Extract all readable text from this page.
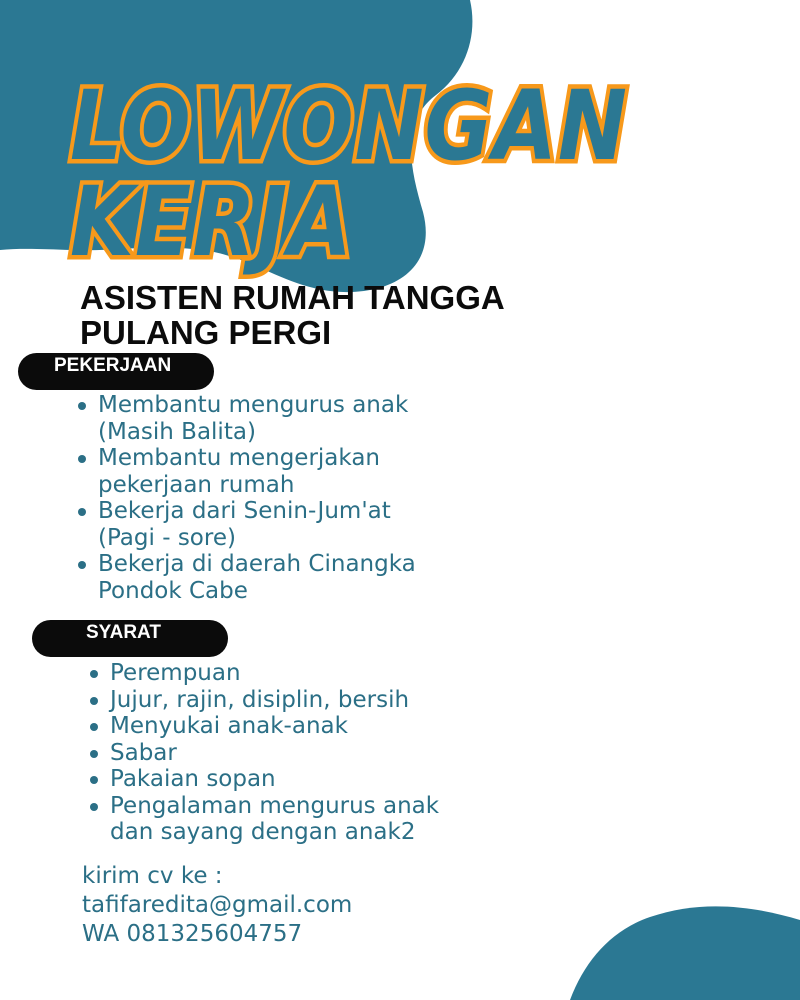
LOWONGAN
KERJA
ASISTEN RUMAH TANGGA
PULANG PERGI
PEKERJAAN
Membantu mengurus anak
(Masih Balita)
Membantu mengerjakan
pekerjaan rumah
Bekerja dari Senin-Jum'at
(Pagi - sore)
Bekerja di daerah Cinangka
Pondok Cabe
SYARAT
Perempuan
Jujur, rajin, disiplin, bersih
Menyukai anak-anak
Sabar
Pakaian sopan
Pengalaman mengurus anak
dan sayang dengan anak2
kirim cv ke :
tafifaredita@gmail.com
WA 081325604757
